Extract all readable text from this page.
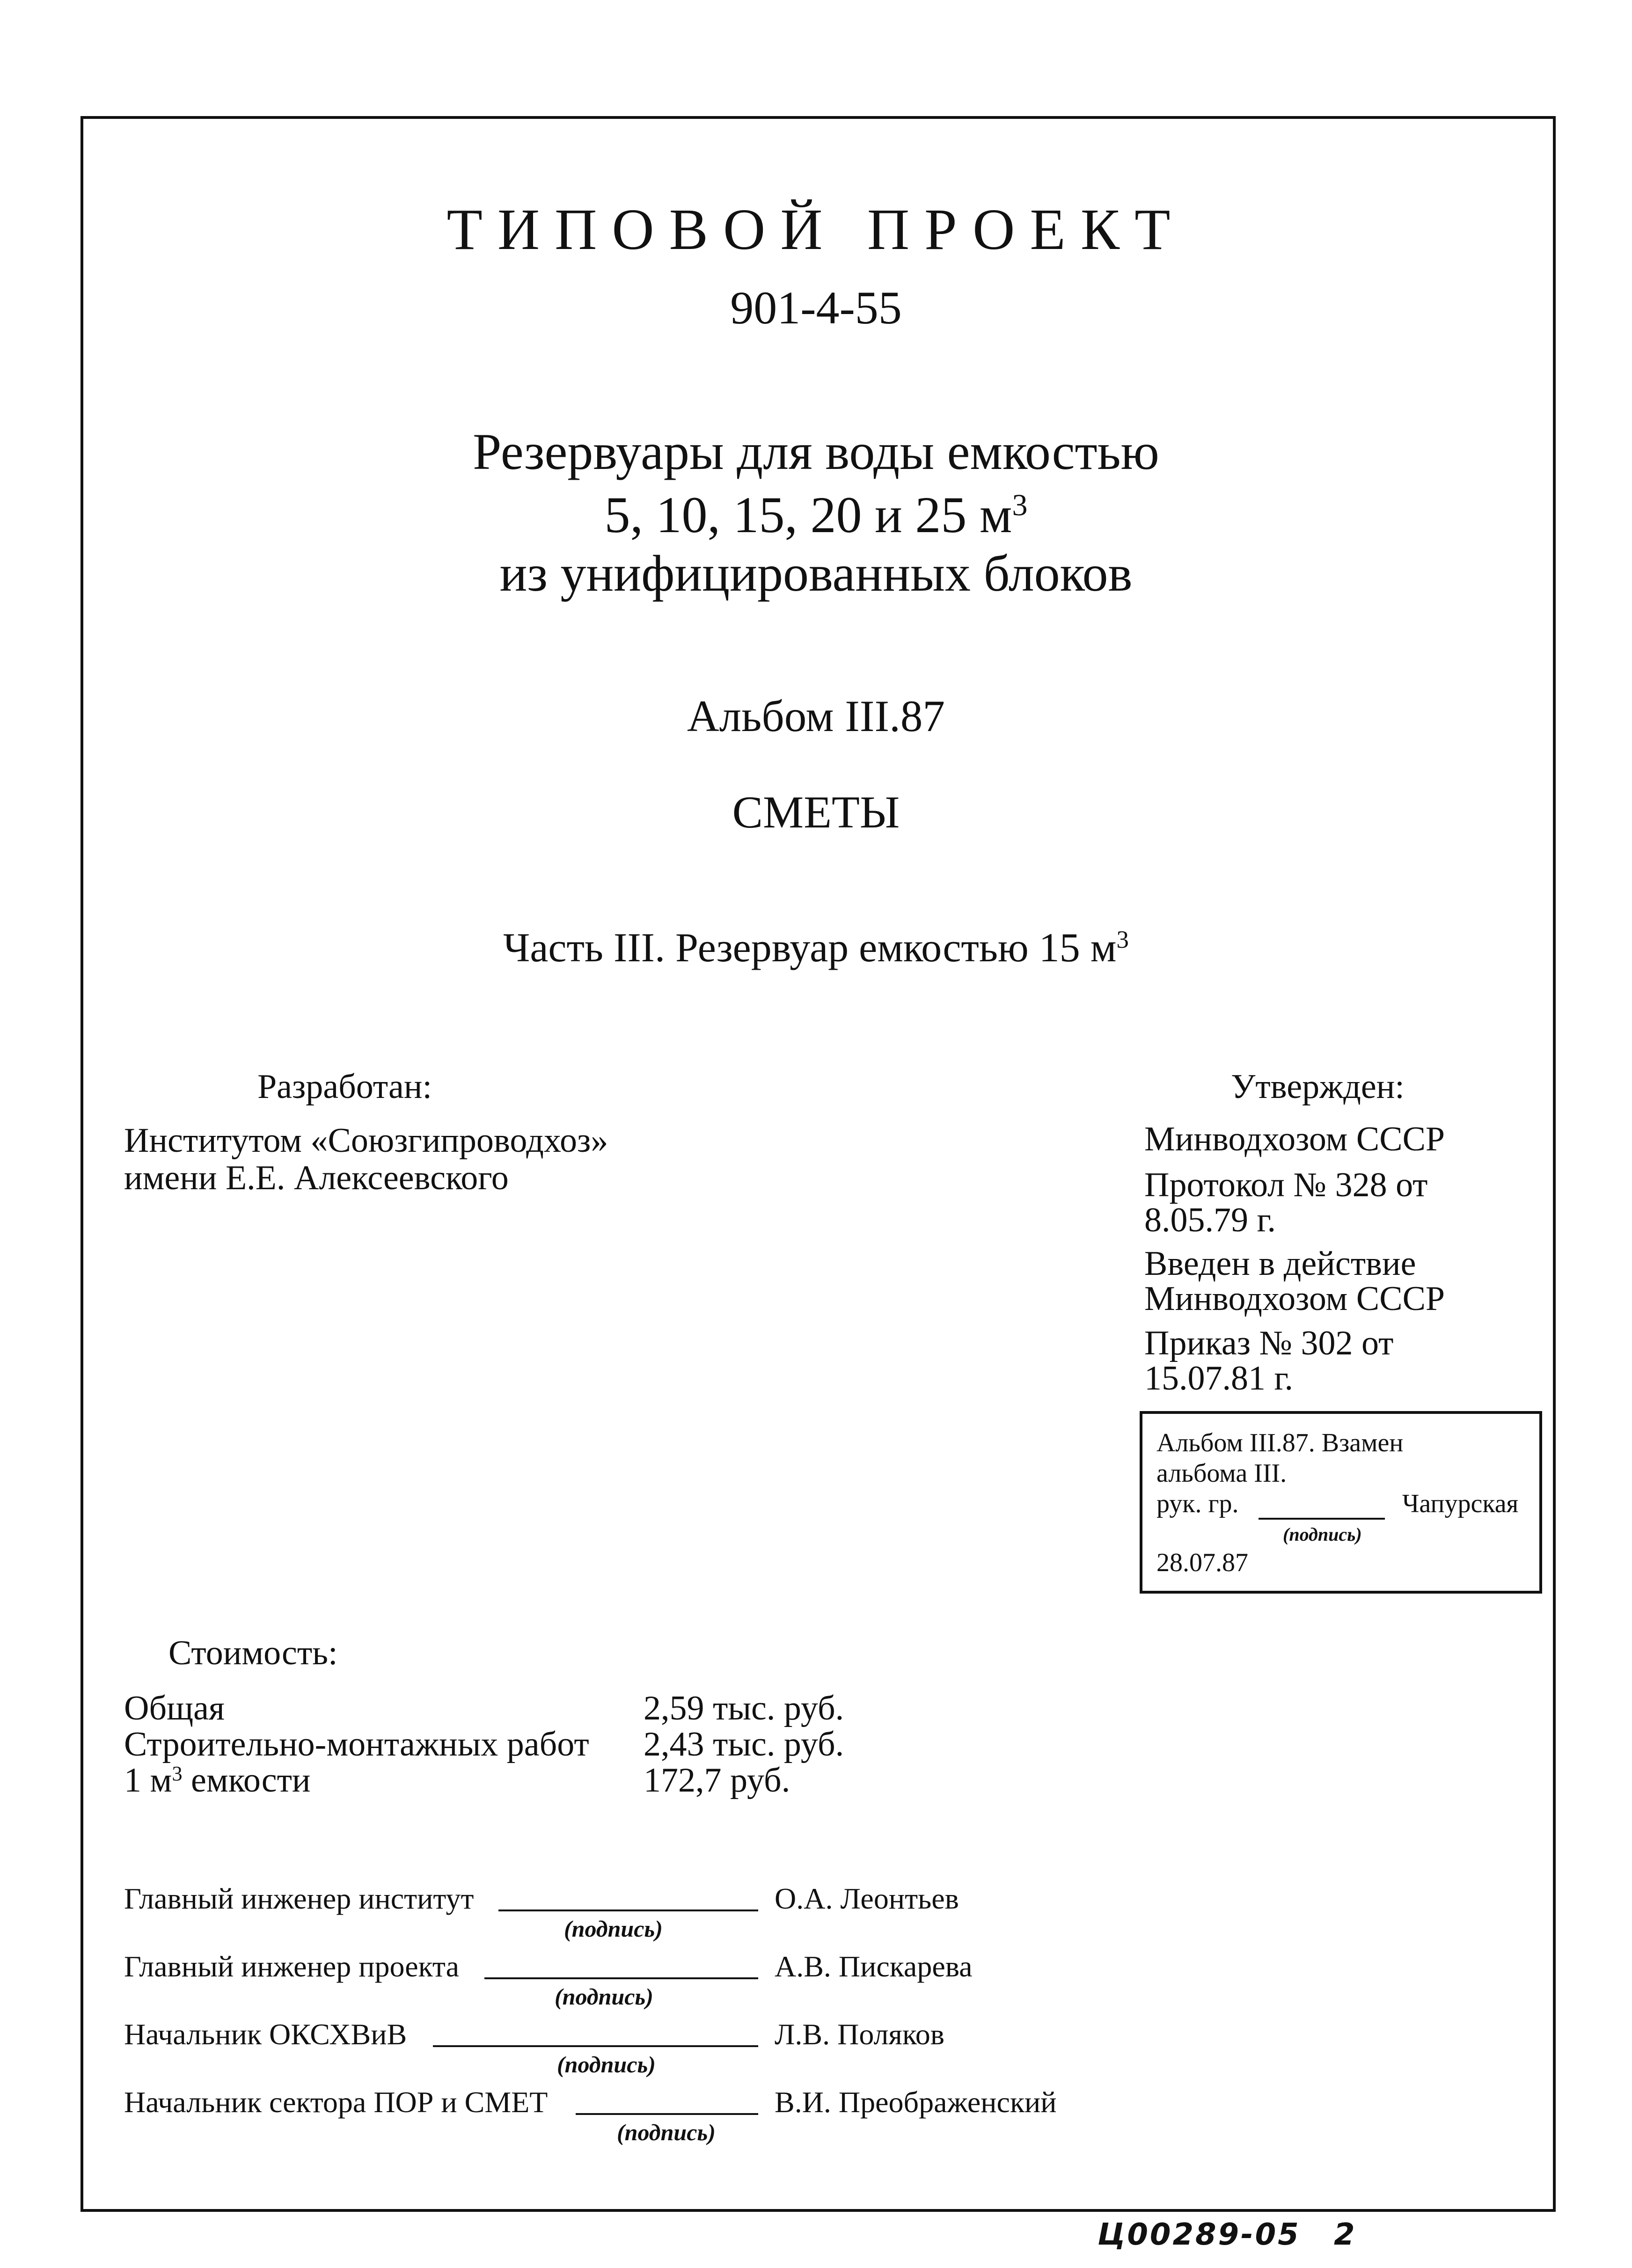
ТИПОВОЙ ПРОЕКТ
901-4-55
Резервуары для воды емкостью
5, 10, 15, 20 и 25 $м^3$
из унифицированных блоков
Альбом III.87
СМЕТЫ
Часть III. Резервуар емкостью 15 $м^3$
Разработан:
Институтом «Союзгипроводхоз»
имени Е.Е. Алексеевского
Утвержден:
Минводхозом СССР
Протокол № 328 от
8.05.79 г.
Введен в действие
Минводхозом СССР
Приказ № 302 от
15.07.81 г.
Альбом III.87. Взамен
альбома III.
рук. гр.	Чапурская
(подпись)
28.07.87
Стоимость:
Общая	2,59 тыс. руб.
Строительно-монтажных работ 2,43 тыс. руб.
1 $м^3$ емкости	172,7 руб.
Главный инженер институт	О.А. Леонтьев
(подпись)
Главный инженер проекта	А.В. Пискарева
(подпись)
Начальник ОКСХВиВ	Л.В. Поляков
(подпись)
Начальник сектора ПОР и СМЕТ	В.И. Преображенский
(подпись)
Ц00289-05 2
